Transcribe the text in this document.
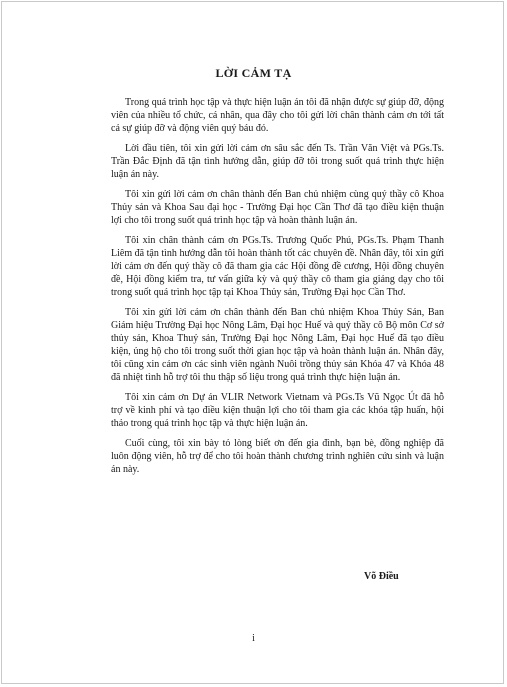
LỜI CẢM TẠ

Trong quá trình học tập và thực hiện luận án tôi đã nhận được sự giúp đỡ, động viên của nhiều tổ chức, cá nhân, qua đây cho tôi gửi lời chân thành cảm ơn tới tất cả sự giúp đỡ và động viên quý báu đó.

Lời đầu tiên, tôi xin gửi lời cảm ơn sâu sắc đến Ts. Trần Văn Việt và PGs.Ts. Trần Đắc Định đã tận tình hướng dẫn, giúp đỡ tôi trong suốt quá trình thực hiện luận án này.

Tôi xin gửi lời cảm ơn chân thành đến Ban chủ nhiệm cùng quý thầy cô Khoa Thủy sản và Khoa Sau đại học - Trường Đại học Cần Thơ đã tạo điều kiện thuận lợi cho tôi trong suốt quá trình học tập và hoàn thành luận án.

Tôi xin chân thành cám ơn PGs.Ts. Trương Quốc Phú, PGs.Ts. Phạm Thanh Liêm đã tận tình hướng dẫn tôi hoàn thành tốt các chuyên đề. Nhân đây, tôi xin gửi lời cảm ơn đến quý thầy cô đã tham gia các Hội đồng đề cương, Hội đồng chuyên đề, Hội đồng kiểm tra, tư vấn giữa kỳ và quý thầy cô tham gia giảng dạy cho tôi trong suốt quá trình học tập tại Khoa Thủy sản, Trường Đại học Cần Thơ.

Tôi xin gửi lời cảm ơn chân thành đến Ban chủ nhiệm Khoa Thủy Sản, Ban Giám hiệu Trường Đại học Nông Lâm, Đại học Huế và quý thầy cô Bộ môn Cơ sở thủy sản, Khoa Thuỷ sản, Trường Đại học Nông Lâm, Đại học Huế đã tạo điều kiện, ủng hộ cho tôi trong suốt thời gian học tập và hoàn thành luận án. Nhân đây, tôi cũng xin cảm ơn các sinh viên ngành Nuôi trồng thủy sản Khóa 47 và Khóa 48 đã nhiệt tình hỗ trợ tôi thu thập số liệu trong quá trình thực hiện luận án.

Tôi xin cảm ơn Dự án VLIR Network Vietnam và PGs.Ts Vũ Ngọc Út đã hỗ trợ về kinh phí và tạo điều kiện thuận lợi cho tôi tham gia các khóa tập huấn, hội thảo trong quá trình học tập và thực hiện luận án.

Cuối cùng, tôi xin bày tỏ lòng biết ơn đến gia đình, bạn bè, đồng nghiệp đã luôn động viên, hỗ trợ để cho tôi hoàn thành chương trình nghiên cứu sinh và luận án này.

Võ Điều
i
